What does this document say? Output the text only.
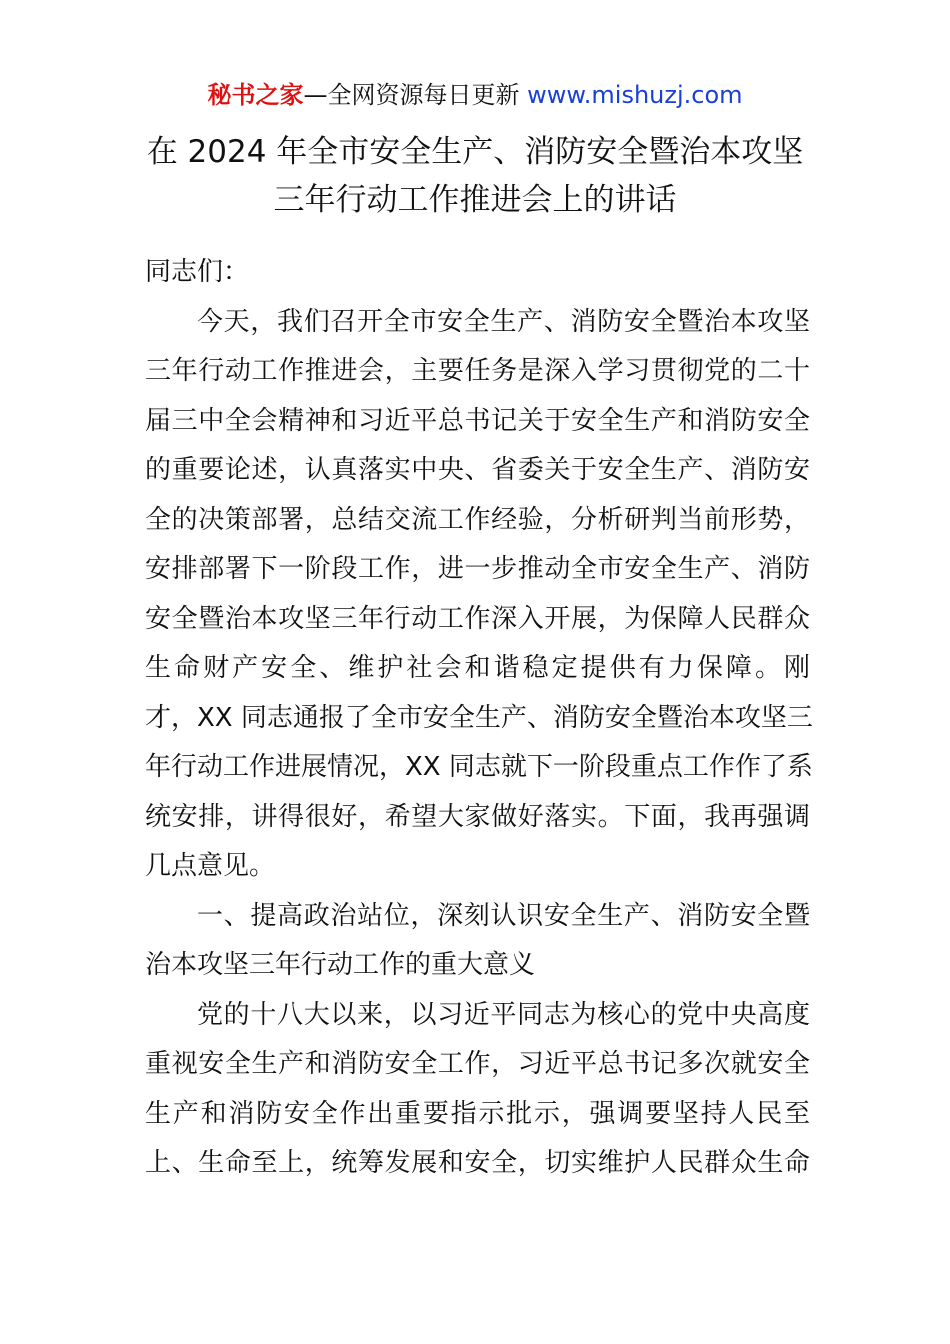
秘书之家—全网资源每日更新 www.mishuzj.com
在 2024 年全市安全生产、消防安全暨治本攻坚
三年行动工作推进会上的讲话
同志们：
今天，我们召开全市安全生产、消防安全暨治本攻坚
三年行动工作推进会，主要任务是深入学习贯彻党的二十
届三中全会精神和习近平总书记关于安全生产和消防安全
的重要论述，认真落实中央、省委关于安全生产、消防安
全的决策部署，总结交流工作经验，分析研判当前形势，
安排部署下一阶段工作，进一步推动全市安全生产、消防
安全暨治本攻坚三年行动工作深入开展，为保障人民群众
生命财产安全、维护社会和谐稳定提供有力保障。刚
才，XX 同志通报了全市安全生产、消防安全暨治本攻坚三
年行动工作进展情况，XX 同志就下一阶段重点工作作了系
统安排，讲得很好，希望大家做好落实。下面，我再强调
几点意见。
一、提高政治站位，深刻认识安全生产、消防安全暨
治本攻坚三年行动工作的重大意义
党的十八大以来，以习近平同志为核心的党中央高度
重视安全生产和消防安全工作，习近平总书记多次就安全
生产和消防安全作出重要指示批示，强调要坚持人民至
上、生命至上，统筹发展和安全，切实维护人民群众生命
